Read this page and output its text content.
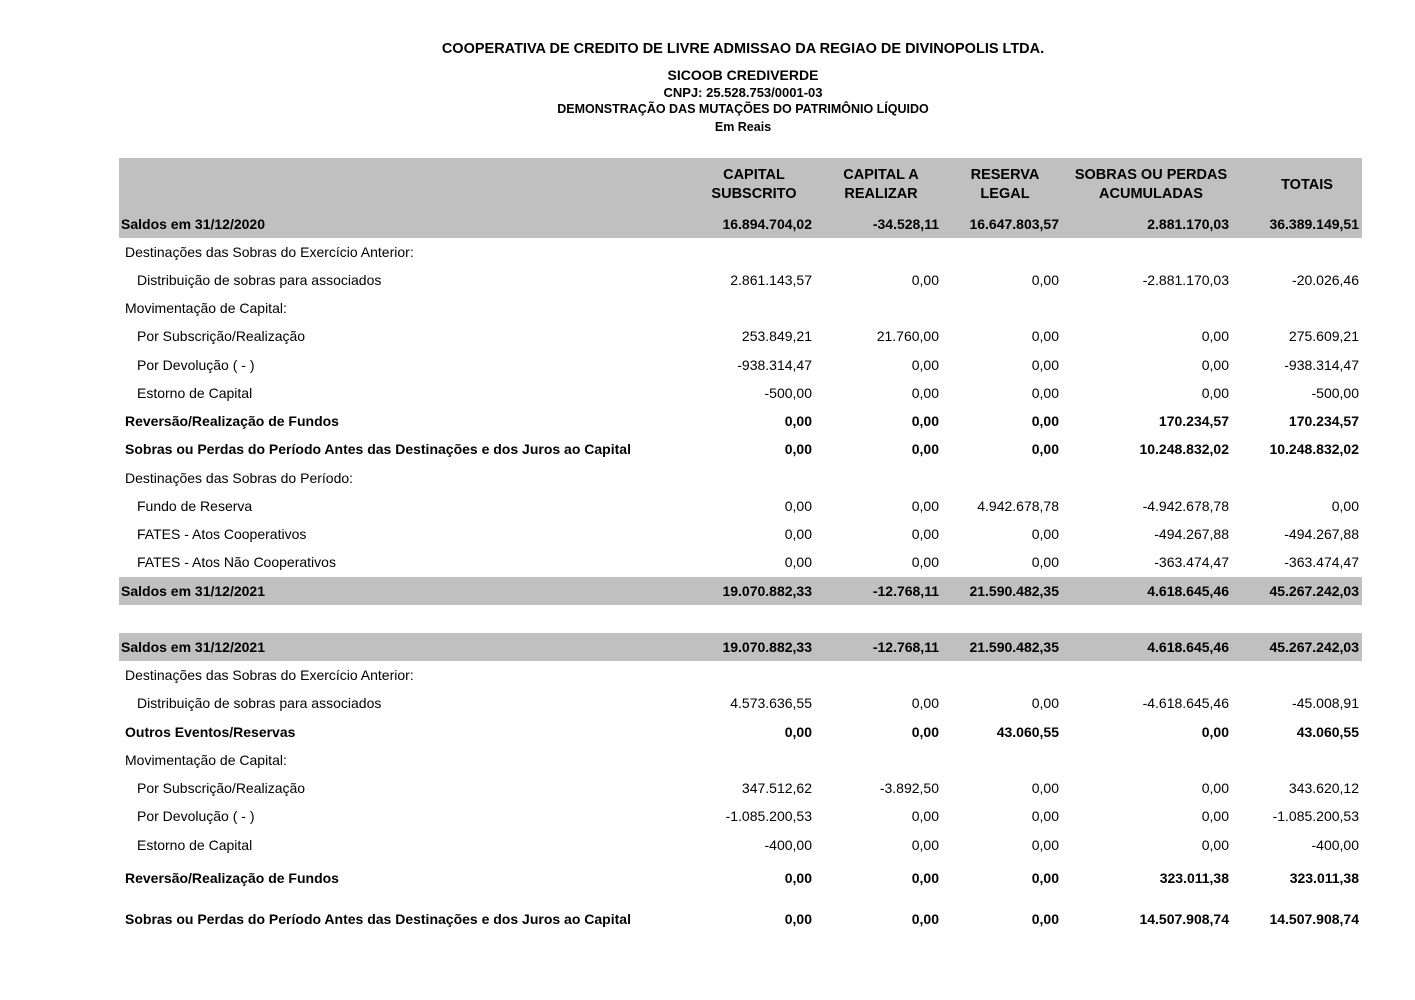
COOPERATIVA DE CREDITO DE LIVRE ADMISSAO DA REGIAO DE DIVINOPOLIS LTDA.
SICOOB CREDIVERDE
CNPJ: 25.528.753/0001-03
DEMONSTRAÇÃO DAS MUTAÇÕES DO PATRIMÔNIO LÍQUIDO
Em Reais
CAPITAL
SUBSCRITO
CAPITAL A
REALIZAR
RESERVA
LEGAL
SOBRAS OU PERDAS
ACUMULADAS
TOTAIS
Saldos em 31/12/2020	16.894.704,02	-34.528,11 16.647.803,57	2.881.170,03	36.389.149,51
Destinações das Sobras do Exercício Anterior:
Distribuição de sobras para associados	2.861.143,57	0,00	0,00	-2.881.170,03	-20.026,46
Movimentação de Capital:
Por Subscrição/Realização	253.849,21	21.760,00	0,00	0,00	275.609,21
Por Devolução ( - )	-938.314,47	0,00	0,00	0,00	-938.314,47
Estorno de Capital	-500,00	0,00	0,00	0,00	-500,00
Reversão/Realização de Fundos	0,00	0,00	0,00	170.234,57	170.234,57
Sobras ou Perdas do Período Antes das Destinações e dos Juros ao Capital	0,00	0,00	0,00	10.248.832,02	10.248.832,02
Destinações das Sobras do Período:
Fundo de Reserva	0,00	0,00	4.942.678,78	-4.942.678,78	0,00
FATES - Atos Cooperativos	0,00	0,00	0,00	-494.267,88	-494.267,88
FATES - Atos Não Cooperativos	0,00	0,00	0,00	-363.474,47	-363.474,47
Saldos em 31/12/2021	19.070.882,33	-12.768,11 21.590.482,35	4.618.645,46	45.267.242,03
Saldos em 31/12/2021	19.070.882,33	-12.768,11 21.590.482,35	4.618.645,46	45.267.242,03
Destinações das Sobras do Exercício Anterior:
Distribuição de sobras para associados	4.573.636,55	0,00	0,00	-4.618.645,46	-45.008,91
Outros Eventos/Reservas	0,00	0,00	43.060,55	0,00	43.060,55
Movimentação de Capital:
Por Subscrição/Realização	347.512,62	-3.892,50	0,00	0,00	343.620,12
Por Devolução ( - )	-1.085.200,53	0,00	0,00	0,00	-1.085.200,53
Estorno de Capital	-400,00	0,00	0,00	0,00	-400,00
Reversão/Realização de Fundos	0,00	0,00	0,00	323.011,38	323.011,38
Sobras ou Perdas do Período Antes das Destinações e dos Juros ao Capital	0,00	0,00	0,00	14.507.908,74	14.507.908,74
